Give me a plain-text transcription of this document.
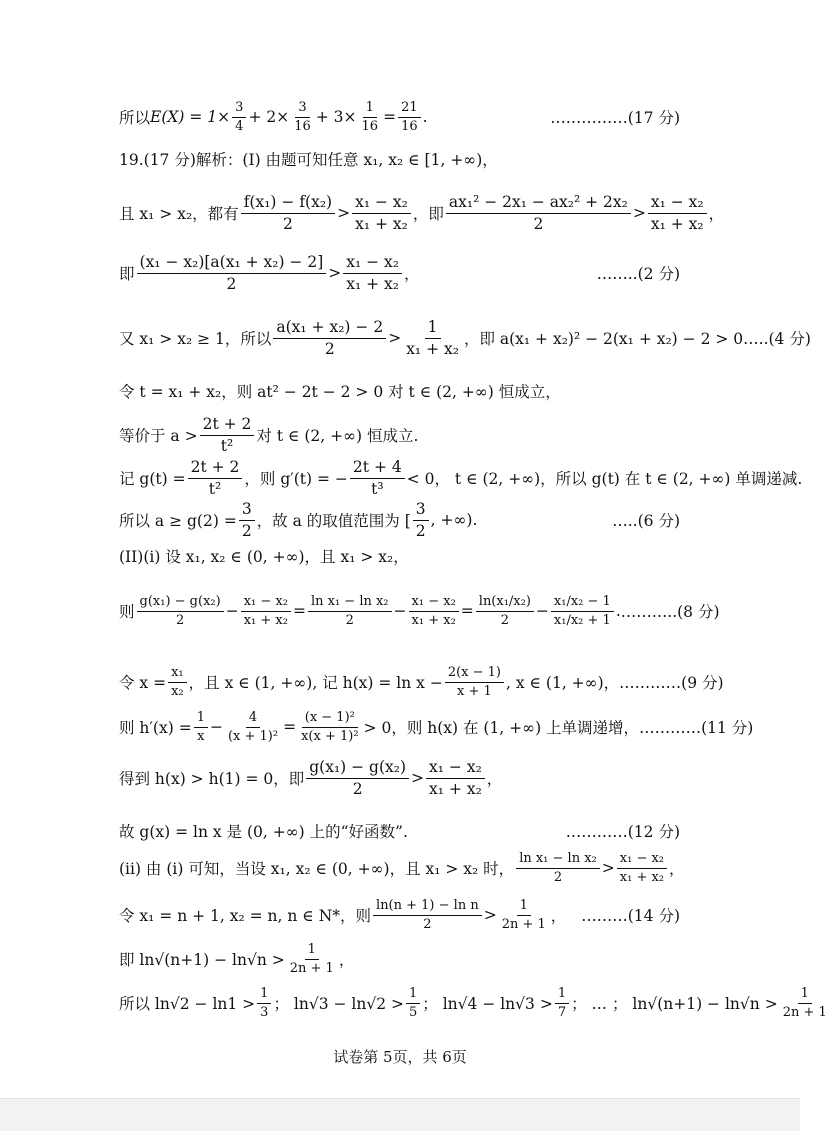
所以 $E(X) = 1\times \frac{3}{4} + 2\times \frac{3}{16} + 3\times \frac{1}{16} = \frac{21}{16}$ .	……………(17 分)
19.(17 分)解析：(I) 由题可知任意 x₁, x₂ ∈ [1, +∞)，
且 x₁ > x₂，都有 $\frac{\text{f(x₁) − f(x₂)}}{2} > \frac{\text{x₁ − x₂}}{\text{x₁ + x₂}}$ ，即 $\frac{\text{ax₁² − 2x₁ − ax₂² + 2x₂}}{2} > \frac{\text{x₁ − x₂}}{\text{x₁ + x₂}}$ ，
即 $\frac{\text{(x₁ − x₂)[a(x₁ + x₂) − 2]}}{2} > \frac{\text{x₁ − x₂}}{\text{x₁ + x₂}}$ ，	……..(2 分)
又 x₁ > x₂ ≥ 1，所以 $\frac{\text{a(x₁ + x₂) − 2}}{2} > \frac{1}{\text{x₁ + x₂}}$ ，即 a(x₁ + x₂)² − 2(x₁ + x₂) − 2 > 0 …..(4 分)
令 t = x₁ + x₂，则 at² − 2t − 2 > 0 对 t ∈ (2, +∞) 恒成立，
等价于 $a > \frac{2t + 2}{\text{t²}}$ 对 t ∈ (2, +∞) 恒成立.
记 $g(t) = \frac{2t + 2}{\text{t²}}$ ，则 g′(t) = − $\frac{2t + 4}{\text{t³}} < 0$， t ∈ (2, +∞)，所以 g(t) 在 t ∈ (2, +∞) 单调递减.
所以 $a \ge g(2) = \frac{3}{2}$ ，故 a 的取值范围为 [ $\frac{3}{2}$ , +∞).	…..(6 分)
(II)(i) 设 x₁, x₂ ∈ (0, +∞)，且 x₁ > x₂，
则 $\frac{\text{g(x₁) − g(x₂)}}{2} - \frac{\text{x₁ − x₂}}{\text{x₁ + x₂}} = \frac{\text{ln x₁ − ln x₂}}{2} - \frac{\text{x₁ − x₂}}{\text{x₁ + x₂}} = \frac{\text{ln(x₁/x₂)}}{2} - \frac{\text{x₁/x₂ − 1}}{\text{x₁/x₂ + 1}}$ . ………..(8 分)
令 $x = \frac{\text{x₁}}{\text{x₂}}$ ，且 x ∈ (1, +∞), 记 $h(x) = \ln x - \frac{2(x - 1)}{x + 1}$ , x ∈ (1, +∞)， …………(9 分)
则 $h'(x) = \frac{1}{x} - \frac{4}{\text{(x + 1)²}} = \frac{\text{(x − 1)²}}{\text{x(x + 1)²}} > 0$，则 h(x) 在 (1, +∞) 上单调递增， …………(11 分)
得到 h(x) > h(1) = 0，即 $\frac{\text{g(x₁) − g(x₂)}}{2} > \frac{\text{x₁ − x₂}}{\text{x₁ + x₂}}$ ，
故 g(x) = ln x 是 (0, +∞) 上的“好函数”.	…………(12 分)
(ii) 由 (i) 可知，当设 x₁, x₂ ∈ (0, +∞)，且 x₁ > x₂ 时， $\frac{\text{ln x₁ − ln x₂}}{2} > \frac{\text{x₁ − x₂}}{\text{x₁ + x₂}}$ ，
令 x₁ = n + 1, x₂ = n, n ∈ N*，则 $\frac{\text{ln(n + 1) − ln n}}{2} > \frac{1}{2n + 1}$ ， ………(14 分)
即 $\ln√(n+1) - \ln√n > \frac{1}{2n + 1}$ ，
所以 $\ln√2 - \ln 1 > \frac{1}{3}$ ； $\ln√3 - \ln√2 > \frac{1}{5}$ ； $\ln√4 - \ln√3 > \frac{1}{7}$ ； … ； $\ln√(n+1) - \ln√n > \frac{1}{2n + 1}$
试卷第 5页，共 6页
